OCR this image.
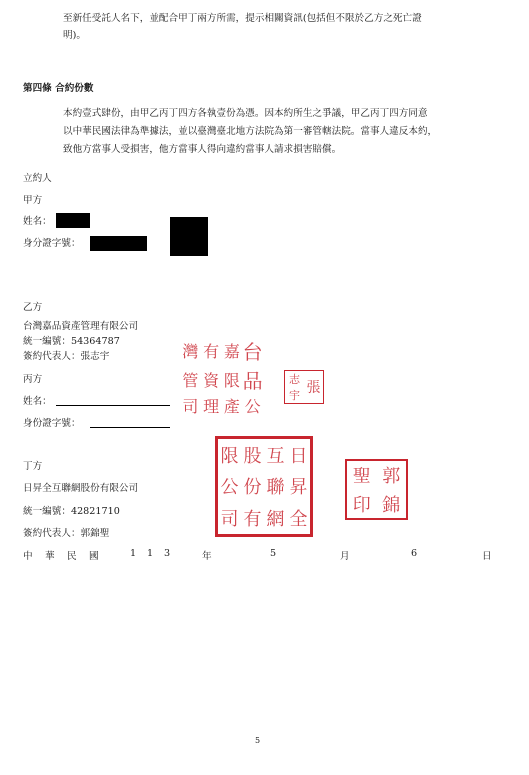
至新任受託人名下，並配合甲丁兩方所需，提示相關資訊(包括但不限於乙方之死亡證
明)。
第四條 合約份數
本約壹式肆份，由甲乙丙丁四方各執壹份為憑。因本約所生之爭議，甲乙丙丁四方同意
以中華民國法律為準據法，並以臺灣臺北地方法院為第一審管轄法院。當事人違反本約，
致他方當事人受損害，他方當事人得向違約當事人請求損害賠償。
立約人
甲方
姓名：
身分證字號：
乙方
台灣嘉品資產管理有限公司
統一編號：54364787
簽約代表人：張志宇	台
嘉
有
灣
品
限
資
管
公
產
理
司
志
張
宇
丙方
姓名：
身份證字號：
丁方
日昇全互聯網股份有限公司
統一編號：42821710
簽約代表人：郭錦聖
日
互
股
限
昇
聯
份
公
全
網
有
司
郭
聖
錦
印
中 華 民 國	1 1 3	年	5	月	6	日
5
